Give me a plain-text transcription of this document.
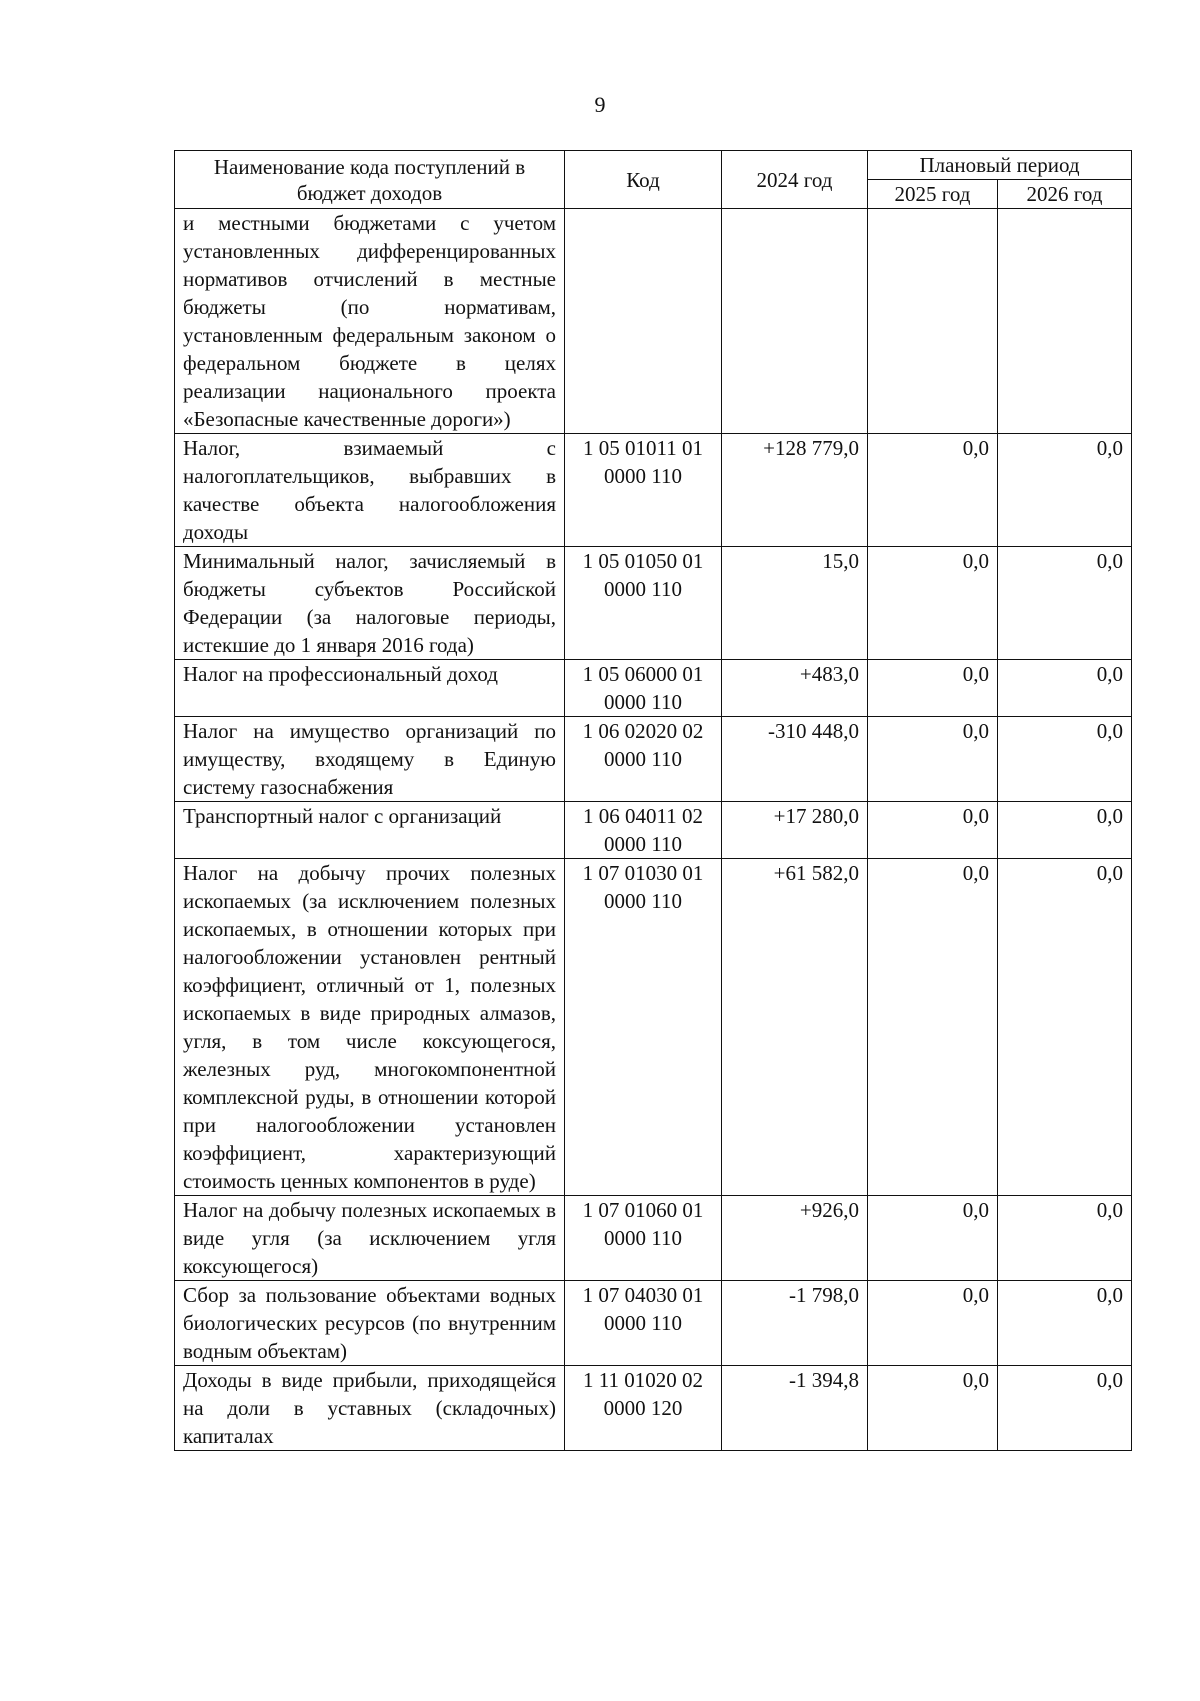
9
Наименование кода поступлений в бюджет доходов	Код	2024 год	Плановый период	
			2025 год	2026 год
и местными бюджетами с учетом установленных дифференцированных нормативов отчислений в местные бюджеты (по нормативам, установленным федеральным законом о федеральном бюджете в целях реализации национального проекта «Безопасные качественные дороги»)				
Налог, взимаемый с налогоплательщиков, выбравших в качестве объекта налогообложения доходы	1 05 01011 01 0000 110	+128 779,0	0,0	0,0
Минимальный налог, зачисляемый в бюджеты субъектов Российской Федерации (за налоговые периоды, истекшие до 1 января 2016 года)	1 05 01050 01 0000 110	15,0	0,0	0,0
Налог на профессиональный доход	1 05 06000 01 0000 110	+483,0	0,0	0,0
Налог на имущество организаций по имуществу, входящему в Единую систему газоснабжения	1 06 02020 02 0000 110	-310 448,0	0,0	0,0
Транспортный налог с организаций	1 06 04011 02 0000 110	+17 280,0	0,0	0,0
Налог на добычу прочих полезных ископаемых (за исключением полезных ископаемых, в отношении которых при налогообложении установлен рентный коэффициент, отличный от 1, полезных ископаемых в виде природных алмазов, угля, в том числе коксующегося, железных руд, многокомпонентной комплексной руды, в отношении которой при налогообложении установлен коэффициент, характеризующий стоимость ценных компонентов в руде)	1 07 01030 01 0000 110	+61 582,0	0,0	0,0
Налог на добычу полезных ископаемых в виде угля (за исключением угля коксующегося)	1 07 01060 01 0000 110	+926,0	0,0	0,0
Сбор за пользование объектами водных биологических ресурсов (по внутренним водным объектам)	1 07 04030 01 0000 110	-1 798,0	0,0	0,0
Доходы в виде прибыли, приходящейся на доли в уставных (складочных) капиталах	1 11 01020 02 0000 120	-1 394,8	0,0	0,0
